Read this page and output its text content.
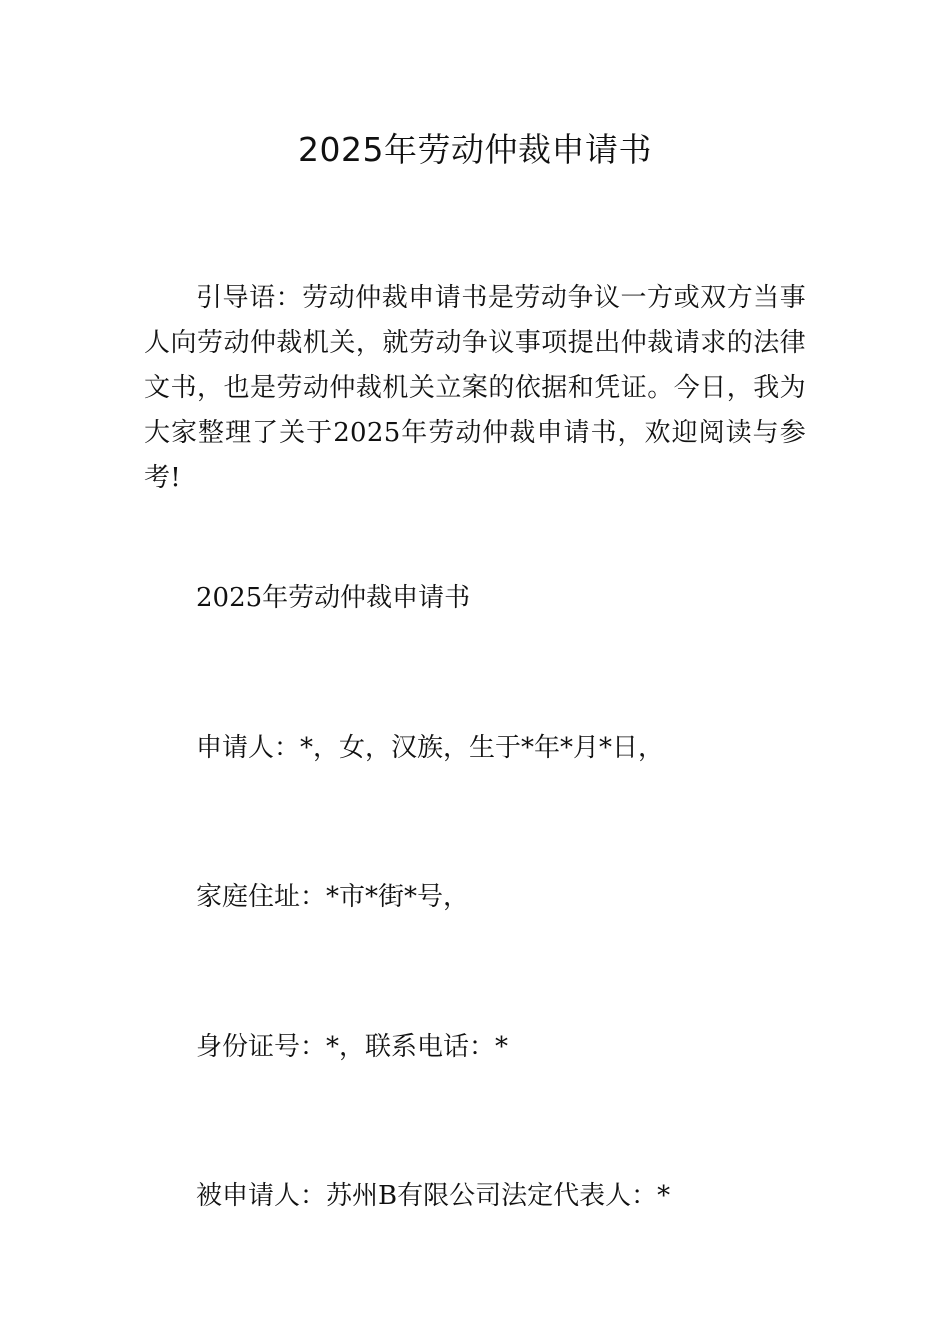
2025年劳动仲裁申请书

引导语：劳动仲裁申请书是劳动争议一方或双方当事人向劳动仲裁机关，就劳动争议事项提出仲裁请求的法律文书，也是劳动仲裁机关立案的依据和凭证。今日，我为大家整理了关于2025年劳动仲裁申请书，欢迎阅读与参考!

2025年劳动仲裁申请书

申请人：*，女，汉族，生于*年*月*日，

家庭住址：*市*街*号，

身份证号：*，联系电话：*

被申请人：苏州B有限公司法定代表人：*
